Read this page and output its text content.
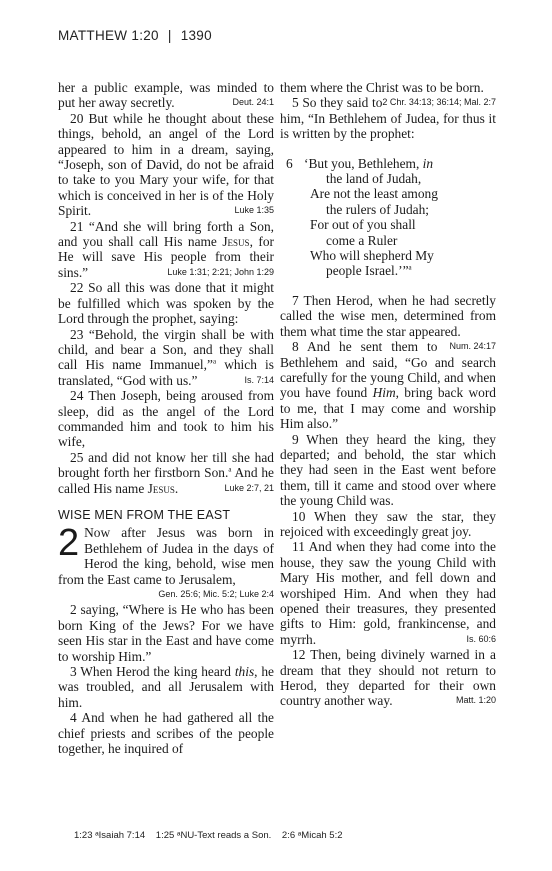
MATTHEW 1:20 | 1390

her a public example, was minded to put her away secretly.	Deut. 24:1

20 But while he thought about these things, behold, an angel of the Lord appeared to him in a dream, saying, “Joseph, son of David, do not be afraid to take to you Mary your wife, for that which is conceived in her is of the Holy Spirit.	Luke 1:35

21 “And she will bring forth a Son, and you shall call His name Jesus, for He will save His people from their sins.”	Luke 1:31; 2:21; John 1:29

22 So all this was done that it might be fulfilled which was spoken by the Lord through the prophet, saying:

23 “Behold, the virgin shall be with child, and bear a Son, and they shall call His name Immanuel,”$^a$ which is translated, “God with us.”	Is. 7:14

24 Then Joseph, being aroused from sleep, did as the angel of the Lord commanded him and took to him his wife,

25 and did not know her till she had brought forth her firstborn Son.$^a$ And he called His name Jesus.	Luke 2:7, 21

WISE MEN FROM THE EAST
2 Now after Jesus was born in Bethlehem of Judea in the days of Herod the king, behold, wise men from the East came to Jerusalem,
Gen. 25:6; Mic. 5:2; Luke 2:4

2 saying, “Where is He who has been born King of the Jews? For we have seen His star in the East and have come to worship Him.”

3 When Herod the king heard this, he was troubled, and all Jerusalem with him.

4 And when he had gathered all the chief priests and scribes of the people together, he inquired of

them where the Christ was to be born.
2 Chr. 34:13; 36:14; Mal. 2:7

5 So they said to him, “In Bethlehem of Judea, for thus it is written by the prophet:

6 ‘But you, Bethlehem, in

the land of Judah,

Are not the least among

the rulers of Judah;

For out of you shall

come a Ruler

Who will shepherd My

people Israel.’”$^a$

7 Then Herod, when he had secretly called the wise men, determined from them what time the star appeared.
Num. 24:17

8 And he sent them to Bethlehem and said, “Go and search carefully for the young Child, and when you have found Him, bring back word to me, that I may come and worship Him also.”

9 When they heard the king, they departed; and behold, the star which they had seen in the East went before them, till it came and stood over where the young Child was.

10 When they saw the star, they rejoiced with exceedingly great joy.

11 And when they had come into the house, they saw the young Child with Mary His mother, and fell down and worshiped Him. And when they had opened their treasures, they presented gifts to Him: gold, frankincense, and myrrh.	Is. 60:6

12 Then, being divinely warned in a dream that they should not return to Herod, they departed for their own country another way.	Matt. 1:20

1:23 ᵃIsaiah 7:14 1:25 ᵃNU-Text reads a Son. 2:6 ᵃMicah 5:2
